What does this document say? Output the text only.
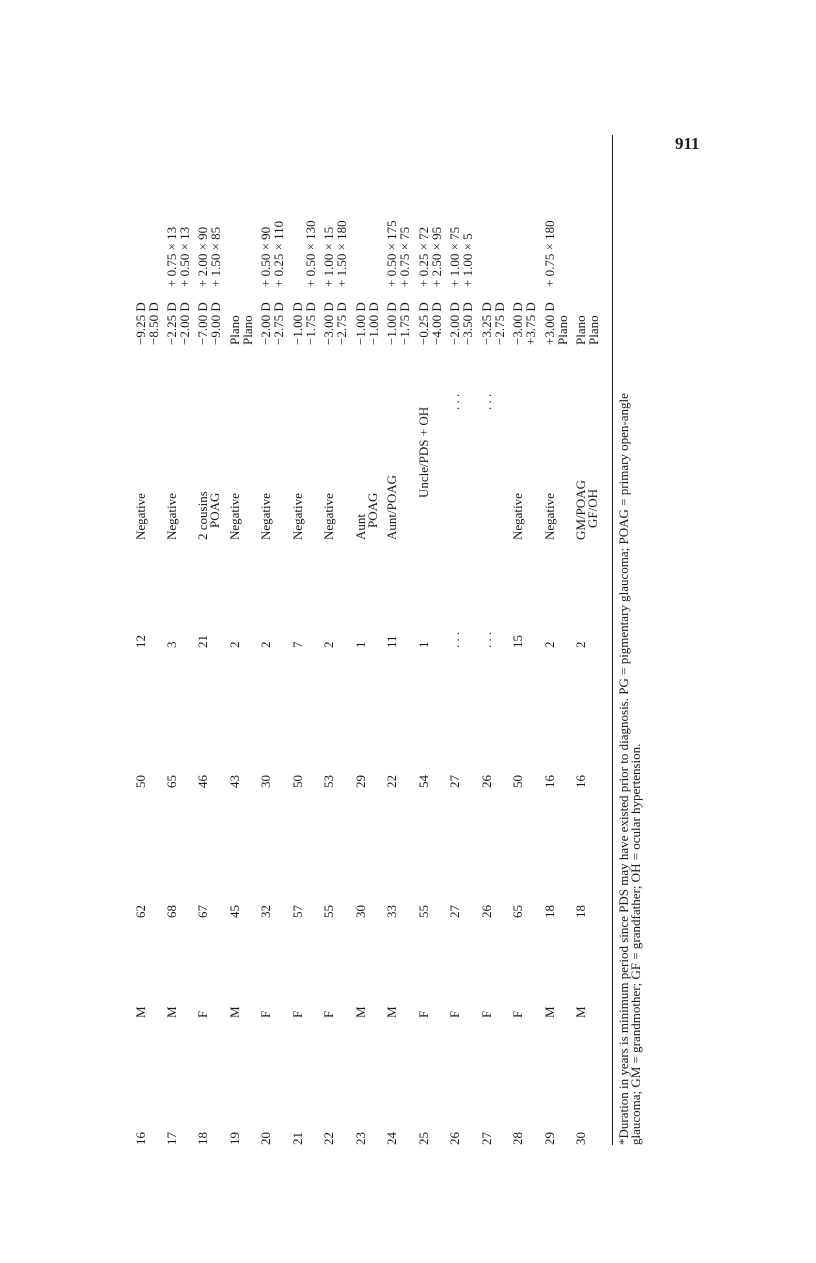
911
16
M
62
50
12
Negative
−9.25 D
−8.50 D
17
M
68
65
3
Negative
−2.25 D
−2.00 D
+ 0.75 × 13
+ 0.50 × 13
18
F
67
46
21
2 cousins
POAG
−7.00 D
−9.00 D
+ 2.00 × 90
+ 1.50 × 85
19
M
45
43
2
Negative
Plano
Plano
20
F
32
30
2
Negative
−2.00 D
−2.75 D
+ 0.50 × 90
+ 0.25 × 110
21
F
57
50
7
Negative
−1.00 D
−1.75 D
+ 0.50 × 130
22
F
55
53
2
Negative
−3.00 D
−2.75 D
+ 1.00 × 15
+ 1.50 × 180
23
M
30
29
1
Aunt
POAG
−1.00 D
−1.00 D
24
M
33
22
11
Aunt/POAG
−1.00 D
−1.75 D
+ 0.50 × 175
+ 0.75 × 75
25
F
55
54
1
Uncle/PDS + OH
−0.25 D
−4.00 D
+ 0.25 × 72
+ 2.50 × 95
26
F
27
27
. . .
. . .
−2.00 D
−3.50 D
+ 1.00 × 75
+ 1.00 × 5
27
F
26
26
. . .
. . .
−3.25 D
−2.75 D
28
F
65
50
15
Negative
−3.00 D
+3.75 D
29
M
18
16
2
Negative
+3.00 D
Plano
+ 0.75 × 180
30
M
18
16
2
GM/POAG
GF/OH
Plano
Plano
*Duration in years is minimum period since PDS may have existed prior to diagnosis. PG = pigmentary glaucoma; POAG = primary open-angle
glaucoma; GM = grandmother; GF = grandfather; OH = ocular hypertension.
